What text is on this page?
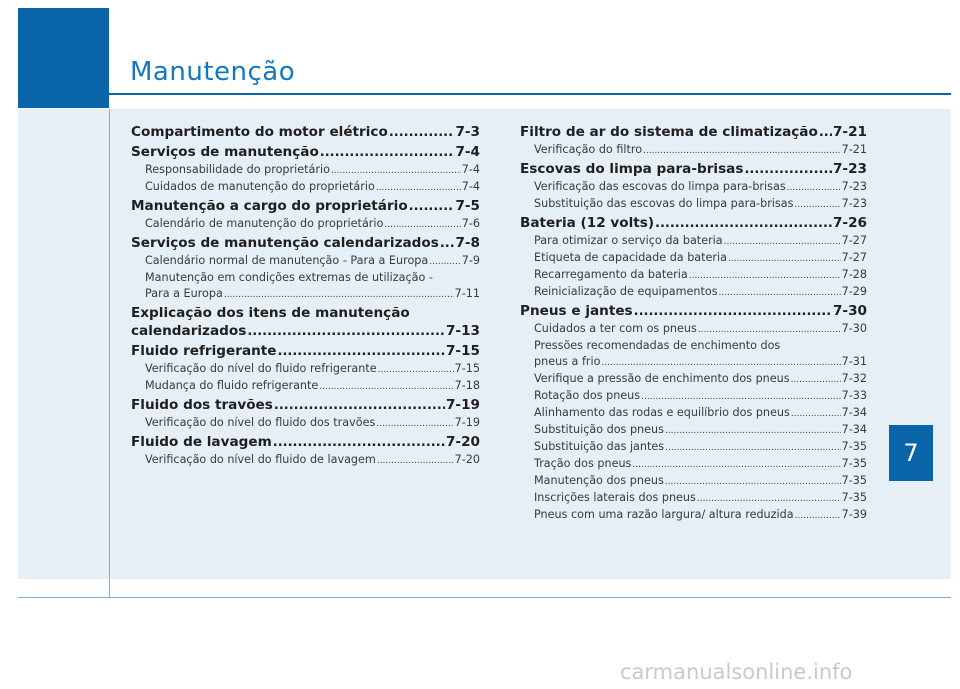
Manutenção
7
Compartimento do motor elétrico .....	7-3
Serviços de manutenção .....	7-4
Responsabilidade do proprietário .....	7-4
Cuidados de manutenção do proprietário .....	7-4
Manutenção a cargo do proprietário .....	7-5
Calendário de manutenção do proprietário .....	7-6
Serviços de manutenção calendarizados ..... 7-8
Calendário normal de manutenção - Para a Europa .....	7-9
Manutenção em condições extremas de utilização -
Para a Europa .....	7-11
Explicação dos itens de manutenção
calendarizados .....	7-13
Fluido refrigerante .....	7-15
Verificação do nível do fluido refrigerante .....	7-15
Mudança do fluido refrigerante .....	7-18
Fluido dos travões .....	7-19
Verificação do nível do fluido dos travões .....	7-19
Fluido de lavagem .....	7-20
Verificação do nível do fluido de lavagem .....	7-20
Filtro de ar do sistema de climatização ..... 7-21
Verificação do filtro .....	7-21
Escovas do limpa para-brisas .....	7-23
Verificação das escovas do limpa para-brisas .....	7-23
Substituição das escovas do limpa para-brisas .....	7-23
Bateria (12 volts) .....	7-26
Para otimizar o serviço da bateria .....	7-27
Etiqueta de capacidade da bateria .....	7-27
Recarregamento da bateria .....	7-28
Reinicialização de equipamentos .....	7-29
Pneus e jantes .....	7-30
Cuidados a ter com os pneus .....	7-30
Pressões recomendadas de enchimento dos
pneus a frio .....	7-31
Verifique a pressão de enchimento dos pneus .....	7-32
Rotação dos pneus .....	7-33
Alinhamento das rodas e equilíbrio dos pneus .....	7-34
Substituição dos pneus .....	7-34
Substituição das jantes .....	7-35
Tração dos pneus .....	7-35
Manutenção dos pneus .....	7-35
Inscrições laterais dos pneus .....	7-35
Pneus com uma razão largura/ altura reduzida .....	7-39
carmanualsonline.info
